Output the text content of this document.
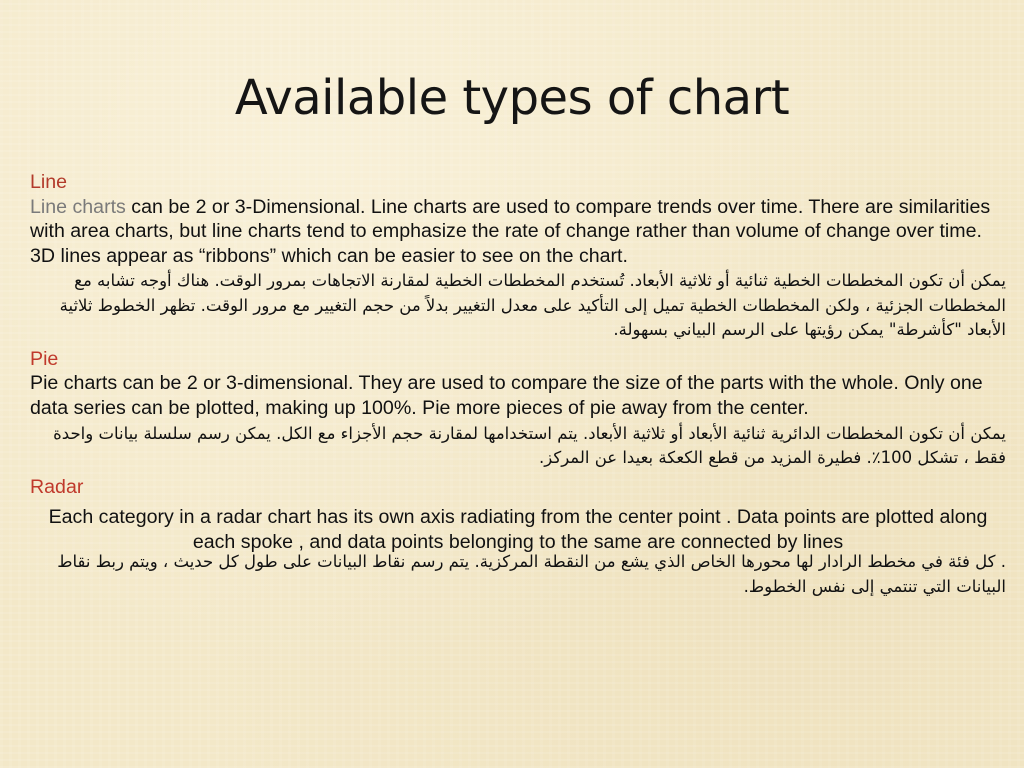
Available types of chart
Line

Line charts can be 2 or 3-Dimensional. Line charts are used to compare trends over time. There are similarities with area charts, but line charts tend to emphasize the rate of change rather than volume of change over time. 3D lines appear as “ribbons” which can be easier to see on the chart.

يمكن أن تكون المخططات الخطية ثنائية أو ثلاثية الأبعاد. تُستخدم المخططات الخطية لمقارنة الاتجاهات بمرور الوقت. هناك أوجه تشابه مع المخططات الجزئية ، ولكن المخططات الخطية تميل إلى التأكيد على معدل التغيير بدلاً من حجم التغيير مع مرور الوقت. تظهر الخطوط ثلاثية الأبعاد "كأشرطة" يمكن رؤيتها على الرسم البياني بسهولة.

Pie

Pie charts can be 2 or 3-dimensional. They are used to compare the size of the parts with the whole. Only one data series can be plotted, making up 100%. Pie more pieces of pie away from the center.

يمكن أن تكون المخططات الدائرية ثنائية الأبعاد أو ثلاثية الأبعاد. يتم استخدامها لمقارنة حجم الأجزاء مع الكل. يمكن رسم سلسلة بيانات واحدة فقط ، تشكل 100٪. فطيرة المزيد من قطع الكعكة بعيدا عن المركز.

Radar

Each category in a radar chart has its own axis radiating from the center point . Data points are plotted along each spoke , and data points belonging to the same are connected by lines

. كل فئة في مخطط الرادار لها محورها الخاص الذي يشع من النقطة المركزية. يتم رسم نقاط البيانات على طول كل حديث ، ويتم ربط نقاط البيانات التي تنتمي إلى نفس الخطوط.
